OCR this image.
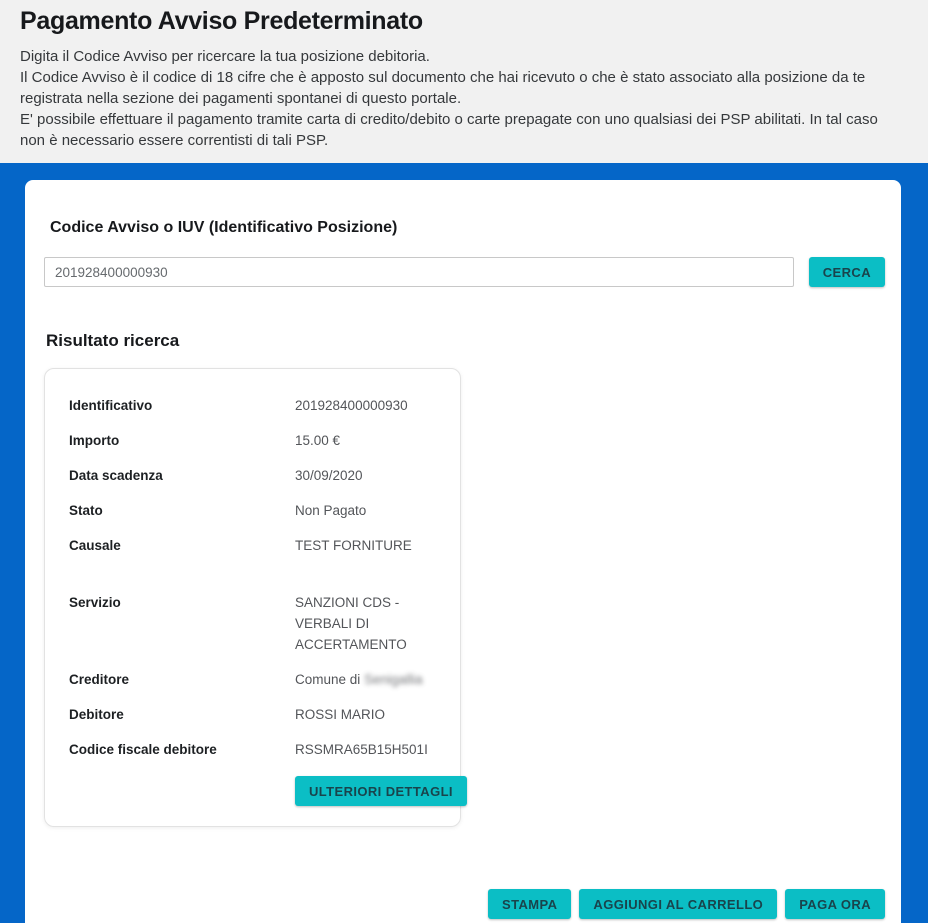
Pagamento Avviso Predeterminato

Digita il Codice Avviso per ricercare la tua posizione debitoria.

Il Codice Avviso è il codice di 18 cifre che è apposto sul documento che hai ricevuto o che è stato associato alla posizione da te registrata nella sezione dei pagamenti spontanei di questo portale.

E' possibile effettuare il pagamento tramite carta di credito/debito o carte prepagate con uno qualsiasi dei PSP abilitati. In tal caso non è necessario essere correntisti di tali PSP.

Codice Avviso o IUV (Identificativo Posizione)
201928400000930
CERCA
Risultato ricerca
Identificativo	201928400000930
Importo	15.00 €
Data scadenza	30/09/2020
Stato	Non Pagato
Causale	TEST FORNITURE
Servizio	SANZIONI CDS - VERBALI DI ACCERTAMENTO
Creditore	Comune di Senigallia
Debitore	ROSSI MARIO
Codice fiscale debitore	RSSMRA65B15H501I
ULTERIORI DETTAGLI
STAMPA	AGGIUNGI AL CARRELLO	PAGA ORA
